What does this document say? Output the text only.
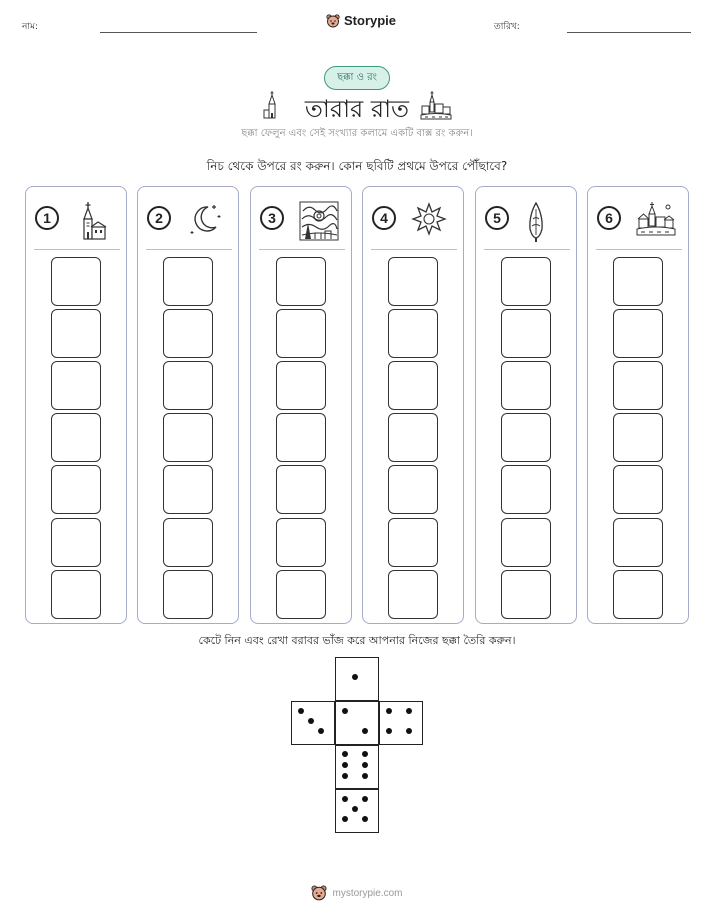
নাম:	Storypie	তারিখ:
ছক্কা ও রং
তারার রাত
ছক্কা ফেলুন এবং সেই সংখ্যার কলামে একটি বাক্স রং করুন।
নিচ থেকে উপরে রং করুন। কোন ছবিটি প্রথমে উপরে পৌঁছাবে?
1	2	3	4	5	6
কেটে নিন এবং রেখা বরাবর ভাঁজ করে আপনার নিজের ছক্কা তৈরি করুন।
mystorypie.com
